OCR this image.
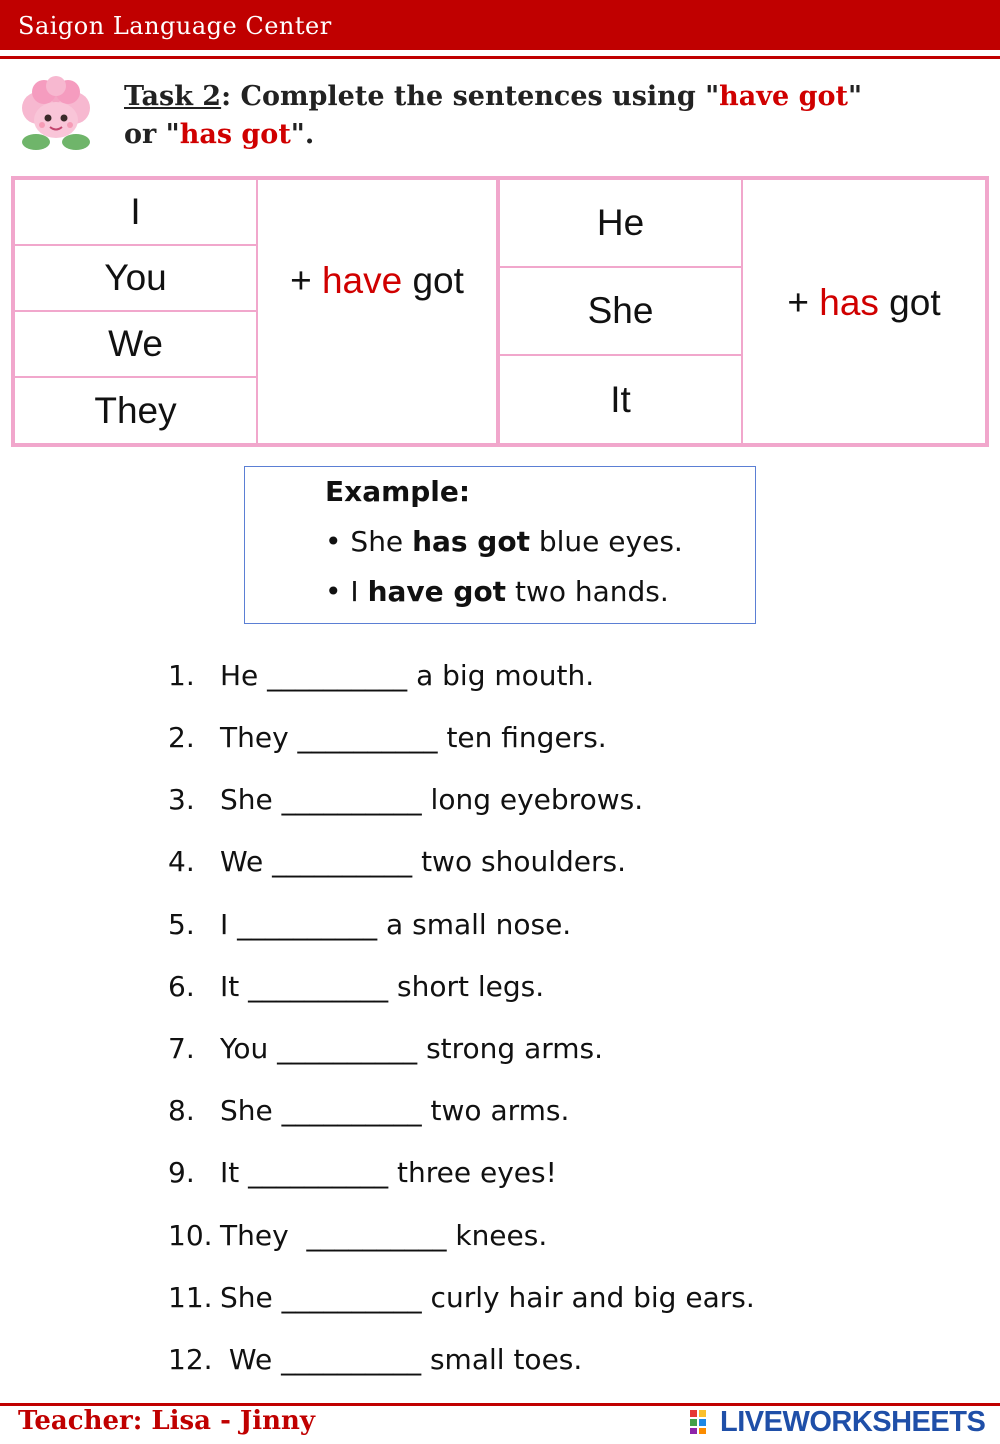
Saigon Language Center
Task 2: Complete the sentences using "have got"
or "has got".
I
You
We
They
+ have got
He
She
It
+ has got
Example:
• She has got blue eyes.
• I have got two hands.
1. He __________ a big mouth.
2. They __________ ten fingers.
3. She __________ long eyebrows.
4. We __________ two shoulders.
5. I __________ a small nose.
6. It __________ short legs.
7. You __________ strong arms.
8. She __________ two arms.
9. It __________ three eyes!
10. They  __________ knees.
11. She __________ curly hair and big ears.
12. We __________ small toes.
Teacher: Lisa - Jinny	LIVEWORKSHEETS
